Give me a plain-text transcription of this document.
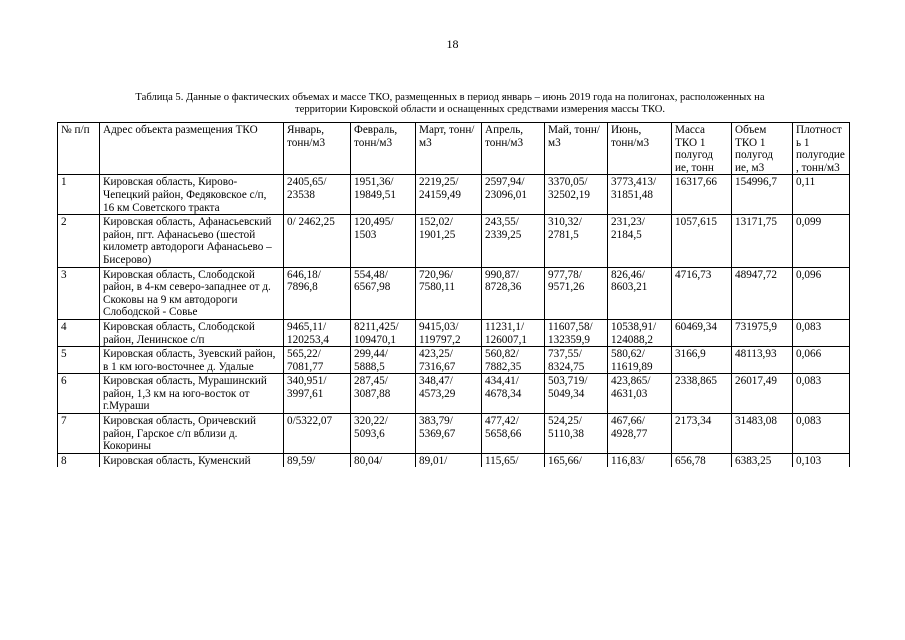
18
Таблица 5. Данные о фактических объемах и массе ТКО, размещенных в период январь – июнь 2019 года на полигонах, расположенных на
территории Кировской области и оснащенных средствами измерения массы ТКО.
№ п/п	Адрес объекта размещения ТКО	Январь, тонн/м3	Февраль, тонн/м3	Март, тонн/м3	Апрель, тонн/м3	Май, тонн/м3	Июнь, тонн/м3	Масса ТКО 1 полугод ие, тонн	Объем ТКО 1 полугод ие, м3	Плотность 1 полугодие, тонн/м3
1	Кировская область, Кирово-Чепецкий район, Федяковское с/п, 16 км Советского тракта	2405,65/ 23538	1951,36/ 19849,51	2219,25/ 24159,49	2597,94/ 23096,01	3370,05/ 32502,19	3773,413/ 31851,48	16317,66	154996,7	0,11
2	Кировская область, Афанасьевский район, пгт. Афанасьево (шестой километр автодороги Афанасьево – Бисерово)	0/ 2462,25	120,495/ 1503	152,02/ 1901,25	243,55/ 2339,25	310,32/ 2781,5	231,23/ 2184,5	1057,615	13171,75	0,099
3	Кировская область, Слободской район, в 4-км северо-западнее от д. Скоковы на 9 км автодороги Слободской - Совье	646,18/ 7896,8	554,48/ 6567,98	720,96/ 7580,11	990,87/ 8728,36	977,78/ 9571,26	826,46/ 8603,21	4716,73	48947,72	0,096
4	Кировская область, Слободской район, Ленинское с/п	9465,11/ 120253,4	8211,425/ 109470,1	9415,03/ 119797,2	11231,1/ 126007,1	11607,58/ 132359,9	10538,91/ 124088,2	60469,34	731975,9	0,083
5	Кировская область, Зуевский район, в 1 км юго-восточнее д. Удалые	565,22/ 7081,77	299,44/ 5888,5	423,25/ 7316,67	560,82/ 7882,35	737,55/ 8324,75	580,62/ 11619,89	3166,9	48113,93	0,066
6	Кировская область, Мурашинский район, 1,3 км на юго-восток от г.Мураши	340,951/ 3997,61	287,45/ 3087,88	348,47/ 4573,29	434,41/ 4678,34	503,719/ 5049,34	423,865/ 4631,03	2338,865	26017,49	0,083
7	Кировская область, Оричевский район, Гарское с/п вблизи д. Кокорины	0/5322,07	320,22/ 5093,6	383,79/ 5369,67	477,42/ 5658,66	524,25/ 5110,38	467,66/ 4928,77	2173,34	31483,08	0,083
8	Кировская область, Куменский	89,59/	80,04/	89,01/	115,65/	165,66/	116,83/	656,78	6383,25	0,103
